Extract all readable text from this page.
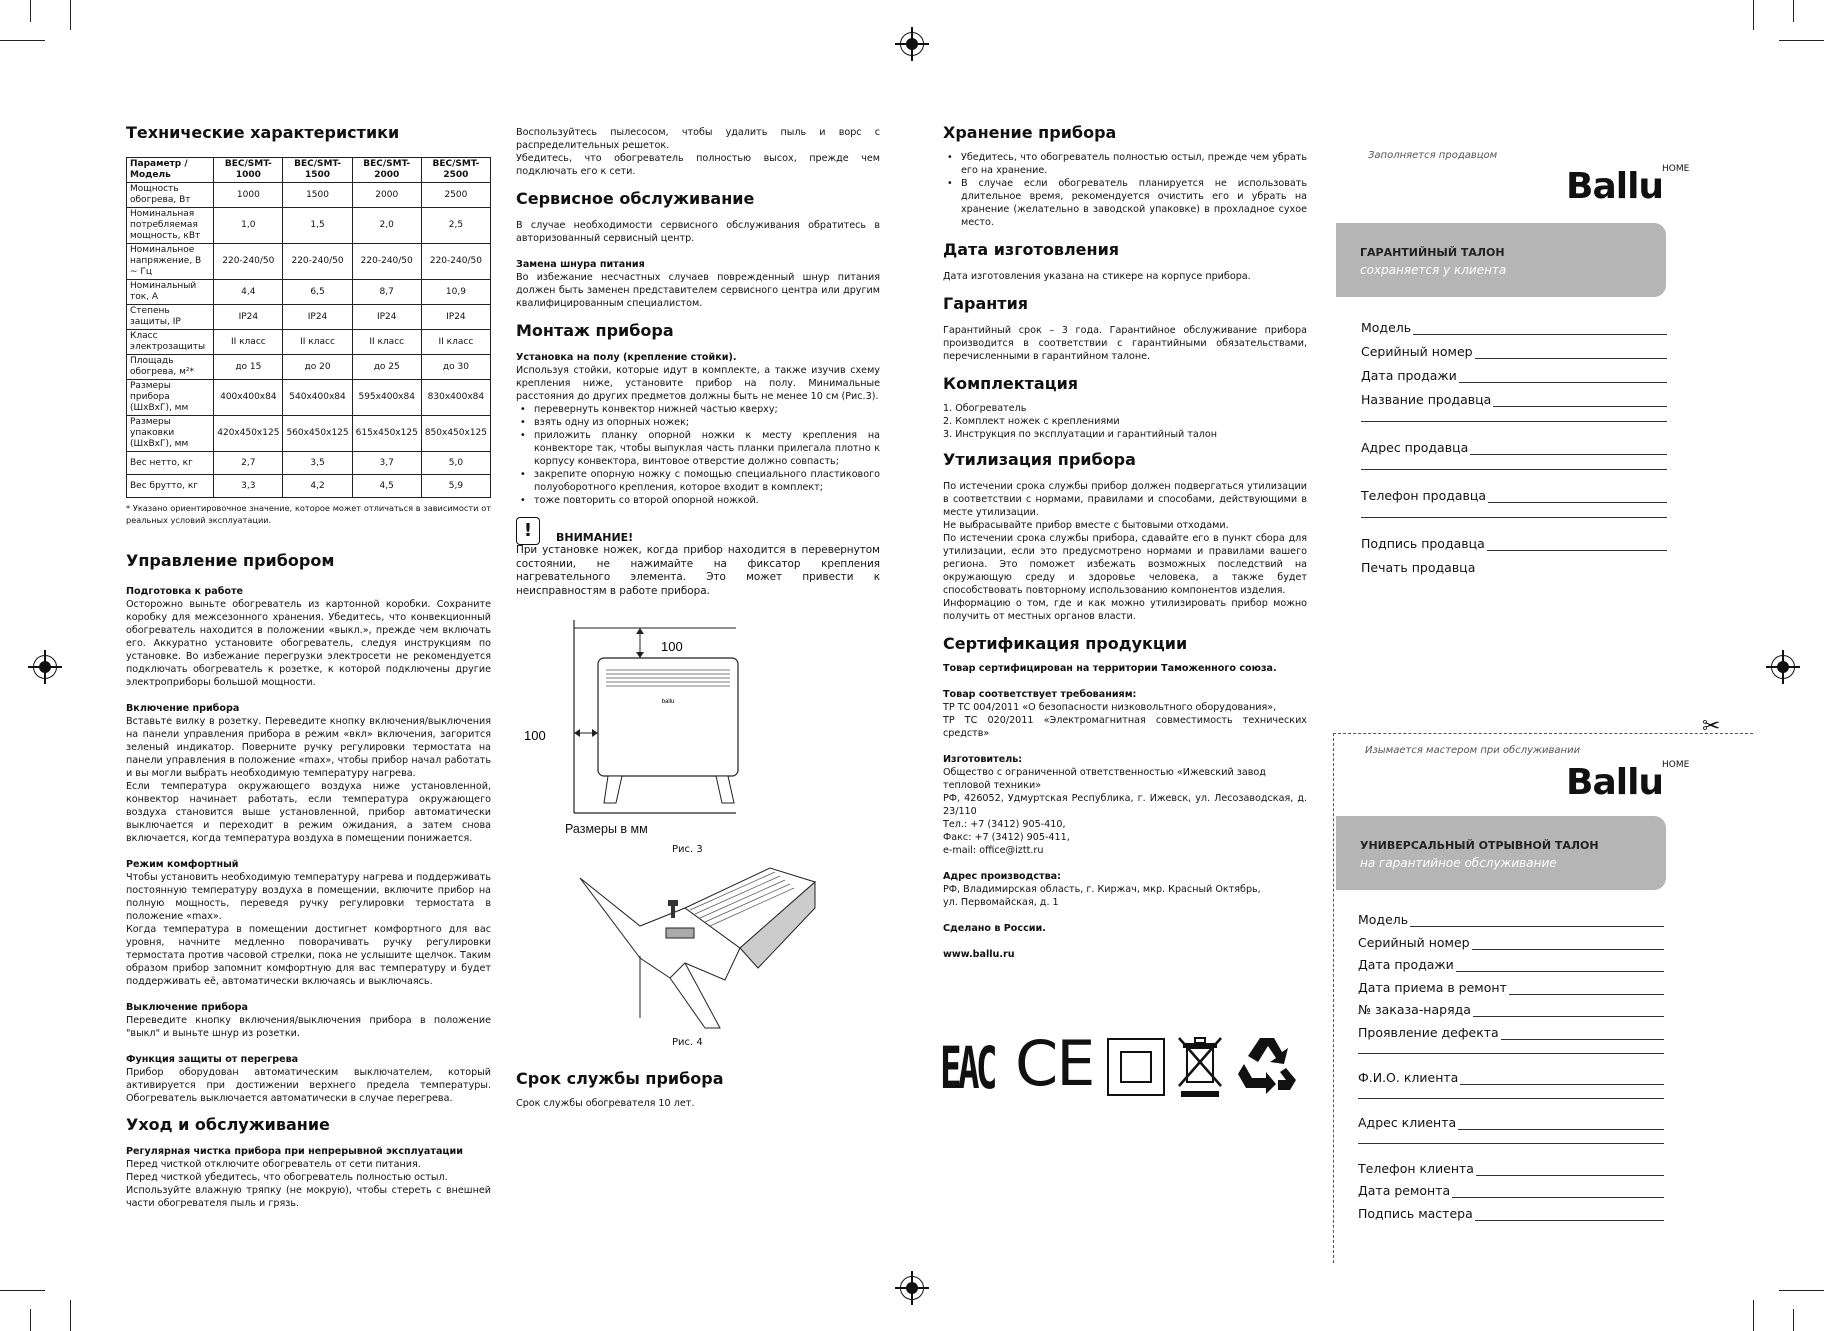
Технические характеристики
Параметр / Модель	BEC/SMT-1000	BEC/SMT-1500	BEC/SMT-2000	BEC/SMT-2500
Мощность обогрева, Вт	1000	1500	2000	2500
Номинальная потребляемая мощность, кВт	1,0	1,5	2,0	2,5
Номинальное напряжение, В ~ Гц	220-240/50	220-240/50	220-240/50	220-240/50
Номинальный ток, А	4,4	6,5	8,7	10,9
Степень защиты, IP	IP24	IP24	IP24	IP24
Класс электрозащиты	II класс	II класс	II класс	II класс
Площадь обогрева, м²*	до 15	до 20	до 25	до 30
Размеры прибора (ШxВxГ), мм	400x400x84	540x400x84	595x400x84	830x400x84
Размеры упаковки (ШxВxГ), мм	420x450x125	560x450x125	615x450x125	850x450x125
Вес нетто, кг	2,7	3,5	3,7	5,0
Вес брутто, кг	3,3	4,2	4,5	5,9

* Указано ориентировочное значение, которое может отличаться в зависимости от реальных условий эксплуатации.

Управление прибором
Подготовка к работе

Осторожно выньте обогреватель из картонной коробки. Сохраните коробку для межсезонного хранения. Убедитесь, что конвекционный обогреватель находится в положении «выкл.», прежде чем включать его. Аккуратно установите обогреватель, следуя инструкциям по установке. Во избежание перегрузки электросети не рекомендуется подключать обогреватель к розетке, к которой подключены другие электроприборы большой мощности.

Включение прибора

Вставьте вилку в розетку. Переведите кнопку включения/выключения на панели управления прибора в режим «вкл» включения, загорится зеленый индикатор. Поверните ручку регулировки термостата на панели управления в положение «max», чтобы прибор начал работать и вы могли выбрать необходимую температуру нагрева.

Если температура окружающего воздуха ниже установленной, конвектор начинает работать, если температура окружающего воздуха становится выше установленной, прибор автоматически выключается и переходит в режим ожидания, а затем снова включается, когда температура воздуха в помещении понижается.

Режим комфортный

Чтобы установить необходимую температуру нагрева и поддерживать постоянную температуру воздуха в помещении, включите прибор на полную мощность, переведя ручку регулировки термостата в положение «max».

Когда температура в помещении достигнет комфортного для вас уровня, начните медленно поворачивать ручку регулировки термостата против часовой стрелки, пока не услышите щелчок. Таким образом прибор запомнит комфортную для вас температуру и будет поддерживать её, автоматически включаясь и выключаясь.

Выключение прибора

Переведите кнопку включения/выключения прибора в положение "выкл" и выньте шнур из розетки.

Функция защиты от перегрева

Прибор оборудован автоматическим выключателем, который активируется при достижении верхнего предела температуры. Обогреватель выключается автоматически в случае перегрева.

Уход и обслуживание
Регулярная чистка прибора при непрерывной эксплуатации

Перед чисткой отключите обогреватель от сети питания.

Перед чисткой убедитесь, что обогреватель полностью остыл.

Используйте влажную тряпку (не мокрую), чтобы стереть с внешней части обогревателя пыль и грязь.

Воспользуйтесь пылесосом, чтобы удалить пыль и ворс с распределительных решеток.

Убедитесь, что обогреватель полностью высох, прежде чем подключать его к сети.

Сервисное обслуживание

В случае необходимости сервисного обслуживания обратитесь в авторизованный сервисный центр.

Замена шнура питания

Во избежание несчастных случаев поврежденный шнур питания должен быть заменен представителем сервисного центра или другим квалифицированным специалистом.

Монтаж прибора
Установка на полу (крепление стойки).

Используя стойки, которые идут в комплекте, а также изучив схему крепления ниже, установите прибор на полу. Минимальные расстояния до других предметов должны быть не менее 10 см (Рис.3).

• перевернуть конвектор нижней частью кверху;
• взять одну из опорных ножек;
• приложить планку опорной ножки к месту крепления на конвекторе так, чтобы выпуклая часть планки прилегала плотно к корпусу конвектора, винтовое отверстие должно совпасть;
• закрепите опорную ножку с помощью специального пластикового полуоборотного крепления, которое входит в комплект;
• тоже повторить со второй опорной ножкой.
!	ВНИМАНИЕ!

При установке ножек, когда прибор находится в перевернутом состоянии, не нажимайте на фиксатор крепления нагревательного элемента. Это может привести к неисправностям в работе прибора.

100
ballu
100
Размеры в мм
Рис. 3
Рис. 4
Срок службы прибора

Срок службы обогревателя 10 лет.

Хранение прибора
• Убедитесь, что обогреватель полностью остыл, прежде чем убрать его на хранение.
• В случае если обогреватель планируется не использовать длительное время, рекомендуется очистить его и убрать на хранение (желательно в заводской упаковке) в прохладное сухое место.
Дата изготовления

Дата изготовления указана на стикере на корпусе прибора.

Гарантия

Гарантийный срок – 3 года. Гарантийное обслуживание прибора производится в соответствии с гарантийными обязательствами, перечисленными в гарантийном талоне.

Комплектация
1. Обогреватель
2. Комплект ножек с креплениями
3. Инструкция по эксплуатации и гарантийный талон
Утилизация прибора

По истечении срока службы прибор должен подвергаться утилизации в соответствии с нормами, правилами и способами, действующими в месте утилизации.

Не выбрасывайте прибор вместе с бытовыми отходами.

По истечении срока службы прибора, сдавайте его в пункт сбора для утилизации, если это предусмотрено нормами и правилами вашего региона. Это поможет избежать возможных последствий на окружающую среду и здоровье человека, а также будет способствовать повторному использованию компонентов изделия.

Информацию о том, где и как можно утилизировать прибор можно получить от местных органов власти.

Сертификация продукции

Товар сертифицирован на территории Таможенного союза.

Товар соответствует требованиям:

ТР ТС 004/2011 «О безопасности низковольтного оборудования»,

ТР ТС 020/2011 «Электромагнитная совместимость технических средств»

Изготовитель:

Общество с ограниченной ответственностью «Ижевский завод тепловой техники»

РФ, 426052, Удмуртская Республика, г. Ижевск, ул. Лесозаводская, д. 23/110

Тел.: +7 (3412) 905-410,

Факс: +7 (3412) 905-411,

e-mail: office@iztt.ru

Адрес производства:

РФ, Владимирская область, г. Киржач, мкр. Красный Октябрь,

ул. Первомайская, д. 1

Сделано в России.
www.ballu.ru
EAC CE
Заполняется продавцом
Ballu
HOME
ГАРАНТИЙНЫЙ ТАЛОН
сохраняется у клиента
Модель
Серийный номер
Дата продажи
Название продавца
Адрес продавца
Телефон продавца
Подпись продавца
Печать продавца
✂
Изымается мастером при обслуживании
Ballu
HOME
УНИВЕРСАЛЬНЫЙ ОТРЫВНОЙ ТАЛОН
на гарантийное обслуживание
Модель
Серийный номер
Дата продажи
Дата приема в ремонт
№ заказа-наряда
Проявление дефекта
Ф.И.О. клиента
Адрес клиента
Телефон клиента
Дата ремонта
Подпись мастера
